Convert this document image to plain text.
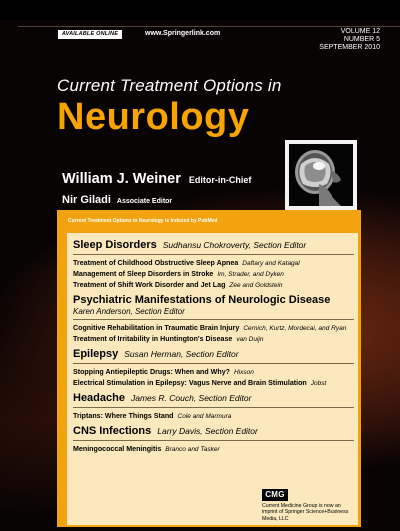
AVAILABLE ONLINE	www.Springerlink.com	VOLUME 12
NUMBER 5
SEPTEMBER 2010
Current Treatment Options in
Neurology
William J. Weiner Editor-in-Chief
Nir Giladi Associate Editor
Current Treatment Options in Neurology is Indexed by PubMed
Sleep Disorders Sudhansu Chokroverty, Section Editor
Treatment of Childhood Obstructive Sleep Apnea Daftary and Katagal
Management of Sleep Disorders in Stroke Im, Strader, and Dyken
Treatment of Shift Work Disorder and Jet Lag Zee and Goldstein
Psychiatric Manifestations of Neurologic Disease
Karen Anderson, Section Editor
Cognitive Rehabilitation in Traumatic Brain Injury Cernich, Kurtz, Mordecai, and Ryan
Treatment of Irritability in Huntington's Disease van Duijn
Epilepsy Susan Herman, Section Editor
Stopping Antiepileptic Drugs: When and Why? Hixson
Electrical Stimulation in Epilepsy: Vagus Nerve and Brain Stimulation Jobst
Headache James R. Couch, Section Editor
Triptans: Where Things Stand Cole and Marmura
CNS Infections Larry Davis, Section Editor
Meningococcal Meningitis Branco and Tasker
CMG
Current Medicine Group is now an imprint of Springer Science+Business Media, LLC
